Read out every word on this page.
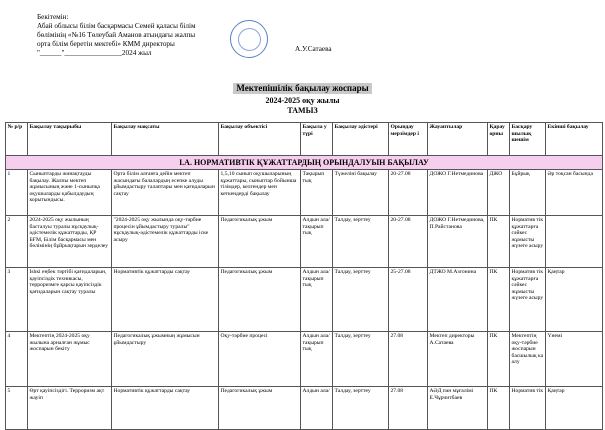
Бекітемін:
Абай облысы білім басқармасы Семей қаласы білім
бөлімінің «№16 Төлеубай Аманов атындағы жалпы
орта білім беретін мектебі» КММ директоры
"______"________________2024 жыл	А.У.Сатаева
Мектепішілік бақылау жоспары
2024-2025 оқу жылы
ТАМЫЗ
№ р/р	Бақылау тақырыбы	Бақылау мақсаты	Бақылау объектісі	Бақыла у түрі	Бақылау әдістері	Орындау мерзімдер і	Жауаптылар	Қарау орны	Басқару шылық шешім	Екінші бақылау
І.А. НОРМАТИВТІК ҚҰЖАТТАРДЫҢ ОРЫНДАЛУЫН БАҚЫЛАУ										
1	Сыныптарды жинақтауды бақылау. Жалпы мектеп жұмысының және 1-сыныпқа оқушыларды қабылдаудың корытындысы.	Орта білім алғанға дейін мектеп жасындағы балалардың есепке алуды ұйымдастыру талаптары мен қағидаларын сақтау	1,5,10 сынып оқушыларының құжаттары, сыныптар бойынша тізімдер, келгендер мен кеткендерді бақылау	Тақырып тық	Түжеліні бақылау	20-27.08	ДОЖО Г.Нетмединова	ДЖО	Бұйрық	Әр тоқсан басында
2	2024-2025 оқу жылының басталуы туралы нұсқаулық-әдістемелік құжаттарды, ҚР БҒМ, Білім басқармасы мен бөлімінің бұйрықтарын зерделеу	"2024-2025 оқу жылында оқу-тәрбие процесін ұйымдастыру туралы" нұсқаулық-әдістемелік құжаттарды іске асыру	Педагогикалық ұжым	Алдын ала/ тақырып тық	Талдау, зерттеу	20-27.08	ДОЖО Г.Нетмединова, П.Райстанова	ПК	Норматив тік құжаттарға сәйкес жұмысты жүзеге асыру	
3	Іshкі еңбек тәртібі қағидаларын, қауіпсіздік техникасы, терроризмге қарсы қауіпсіздік қағидаларын сақтау туралы	Нормативтік құжаттарды сақтау	Педагогикалық ұжым	Алдын ала/ тақырып тық	Талдау, зерттеу	25-27.08	ДТЖО М.Азгонина	ПК	Норматив тік құжаттарға сәйкес жұмысты жүзеге асыру	Қаңтар
4	Мектептің 2024-2025 оқу жылына арналған жұмыс жоспарын бекіту	Педагогикалық ұжымның жұмысын ұйымдастыру	Оқу-тәрбие процесі	Алдын ала/ тақырып тық	Талдау, зерттеу	27.08	Мектеп директоры А.Сатаева	ПК	Мектептің оқу-тәрбие жоспарын басшылық ка алу	Үнемі
5	Өрт қауіпсіздігі. Терроризм ақт жауіп	Нормативтік құжаттарды сақтау	Педагогикалық ұжым	Алдын ала/	Талдау, зерттеу	27.08	АӘД пән мұғалімі Е.Чұрчитбаев	ПК	Норматив тік	Қаңтар
